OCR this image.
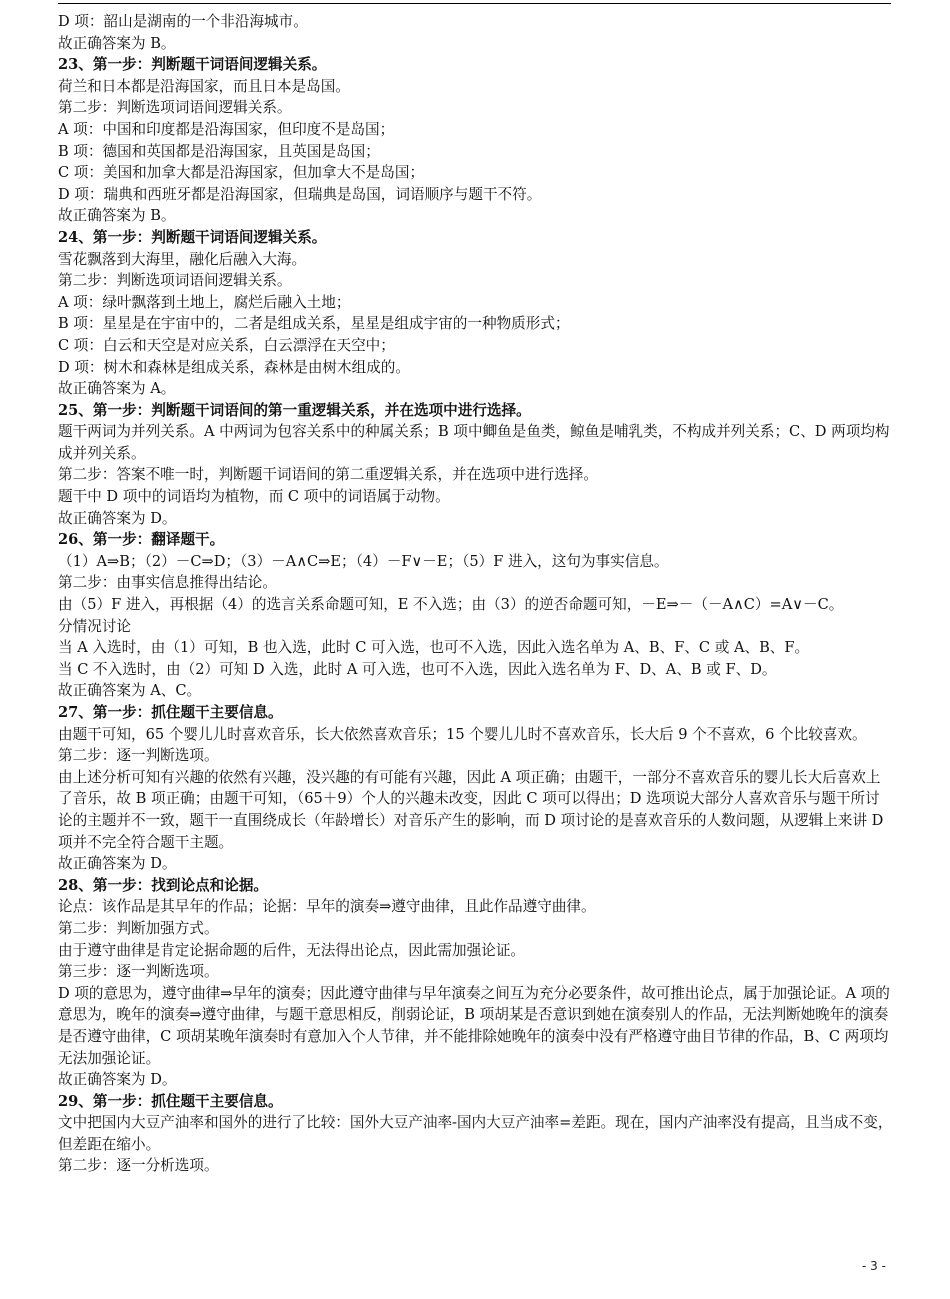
D 项：韶山是湖南的一个非沿海城市。

故正确答案为 B。

23、第一步：判断题干词语间逻辑关系。

荷兰和日本都是沿海国家，而且日本是岛国。

第二步：判断选项词语间逻辑关系。

A 项：中国和印度都是沿海国家，但印度不是岛国；

B 项：德国和英国都是沿海国家，且英国是岛国；

C 项：美国和加拿大都是沿海国家，但加拿大不是岛国；

D 项：瑞典和西班牙都是沿海国家，但瑞典是岛国，词语顺序与题干不符。

故正确答案为 B。

24、第一步：判断题干词语间逻辑关系。

雪花飘落到大海里，融化后融入大海。

第二步：判断选项词语间逻辑关系。

A 项：绿叶飘落到土地上，腐烂后融入土地；

B 项：星星是在宇宙中的，二者是组成关系，星星是组成宇宙的一种物质形式；

C 项：白云和天空是对应关系，白云漂浮在天空中；

D 项：树木和森林是组成关系，森林是由树木组成的。

故正确答案为 A。

25、第一步：判断题干词语间的第一重逻辑关系，并在选项中进行选择。

题干两词为并列关系。A 中两词为包容关系中的种属关系；B 项中鲫鱼是鱼类，鲸鱼是哺乳类，不构成并列关系；C、D 两项均构成并列关系。

第二步：答案不唯一时，判断题干词语间的第二重逻辑关系，并在选项中进行选择。

题干中 D 项中的词语均为植物，而 C 项中的词语属于动物。

故正确答案为 D。

26、第一步：翻译题干。

（1）A⇒B；（2）－C⇒D；（3）－A∧C⇒E；（4）－F∨－E；（5）F 进入，这句为事实信息。

第二步：由事实信息推得出结论。

由（5）F 进入，再根据（4）的选言关系命题可知，E 不入选；由（3）的逆否命题可知，－E⇒－（－A∧C）=A∨－C。

分情况讨论

当 A 入选时，由（1）可知，B 也入选，此时 C 可入选，也可不入选，因此入选名单为 A、B、F、C 或 A、B、F。

当 C 不入选时，由（2）可知 D 入选，此时 A 可入选，也可不入选，因此入选名单为 F、D、A、B 或 F、D。

故正确答案为 A、C。

27、第一步：抓住题干主要信息。

由题干可知，65 个婴儿儿时喜欢音乐，长大依然喜欢音乐；15 个婴儿儿时不喜欢音乐，长大后 9 个不喜欢，6 个比较喜欢。

第二步：逐一判断选项。

由上述分析可知有兴趣的依然有兴趣，没兴趣的有可能有兴趣，因此 A 项正确；由题干，一部分不喜欢音乐的婴儿长大后喜欢上了音乐，故 B 项正确；由题干可知，（65＋9）个人的兴趣未改变，因此 C 项可以得出；D 选项说大部分人喜欢音乐与题干所讨论的主题并不一致，题干一直围绕成长（年龄增长）对音乐产生的影响，而 D 项讨论的是喜欢音乐的人数问题，从逻辑上来讲 D 项并不完全符合题干主题。

故正确答案为 D。

28、第一步：找到论点和论据。

论点：该作品是其早年的作品；论据：早年的演奏⇒遵守曲律，且此作品遵守曲律。

第二步：判断加强方式。

由于遵守曲律是肯定论据命题的后件，无法得出论点，因此需加强论证。

第三步：逐一判断选项。

D 项的意思为，遵守曲律⇒早年的演奏；因此遵守曲律与早年演奏之间互为充分必要条件，故可推出论点，属于加强论证。A 项的意思为，晚年的演奏⇒遵守曲律，与题干意思相反，削弱论证，B 项胡某是否意识到她在演奏别人的作品，无法判断她晚年的演奏是否遵守曲律，C 项胡某晚年演奏时有意加入个人节律，并不能排除她晚年的演奏中没有严格遵守曲目节律的作品，B、C 两项均无法加强论证。

故正确答案为 D。

29、第一步：抓住题干主要信息。

文中把国内大豆产油率和国外的进行了比较：国外大豆产油率-国内大豆产油率=差距。现在，国内产油率没有提高，且当成不变，但差距在缩小。

第二步：逐一分析选项。

- 3 -
